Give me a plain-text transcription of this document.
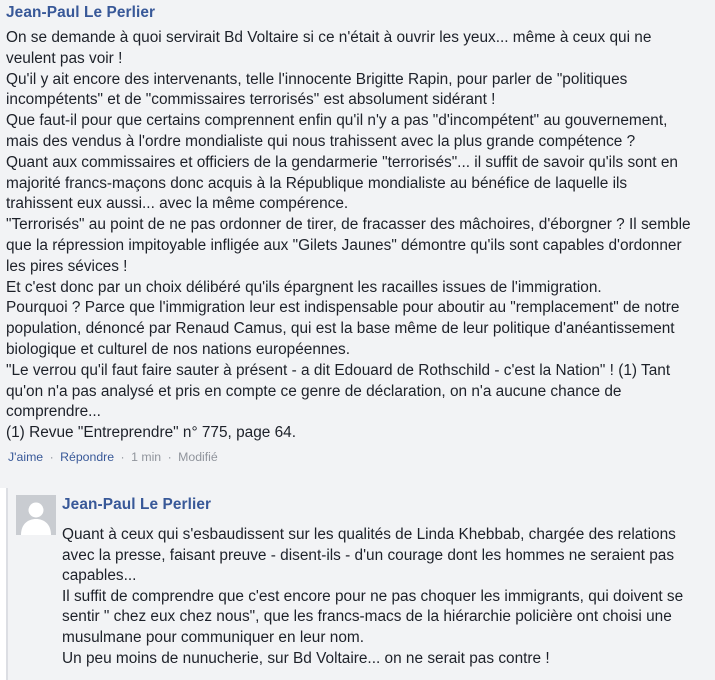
Jean-Paul Le Perlier
On se demande à quoi servirait Bd Voltaire si ce n'était à ouvrir les yeux... même à ceux qui ne
veulent pas voir !
Qu'il y ait encore des intervenants, telle l'innocente Brigitte Rapin, pour parler de "politiques
incompétents" et de "commissaires terrorisés" est absolument sidérant !
Que faut-il pour que certains comprennent enfin qu'il n'y a pas "d'incompétent" au gouvernement,
mais des vendus à l'ordre mondialiste qui nous trahissent avec la plus grande compétence ?
Quant aux commissaires et officiers de la gendarmerie "terrorisés"... il suffit de savoir qu'ils sont en
majorité francs-maçons donc acquis à la République mondialiste au bénéfice de laquelle ils
trahissent eux aussi... avec la même compérence.
"Terrorisés" au point de ne pas ordonner de tirer, de fracasser des mâchoires, d'éborgner ? Il semble
que la répression impitoyable infligée aux "Gilets Jaunes" démontre qu'ils sont capables d'ordonner
les pires sévices !
Et c'est donc par un choix délibéré qu'ils épargnent les racailles issues de l'immigration.
Pourquoi ? Parce que l'immigration leur est indispensable pour aboutir au "remplacement" de notre
population, dénoncé par Renaud Camus, qui est la base même de leur politique d'anéantissement
biologique et culturel de nos nations européennes.
"Le verrou qu'il faut faire sauter à présent - a dit Edouard de Rothschild - c'est la Nation" ! (1) Tant
qu'on n'a pas analysé et pris en compte ce genre de déclaration, on n'a aucune chance de
comprendre...
(1) Revue "Entreprendre" n° 775, page 64.
J'aime · Répondre · 1 min · Modifié
Jean-Paul Le Perlier
Quant à ceux qui s'esbaudissent sur les qualités de Linda Khebbab, chargée des relations
avec la presse, faisant preuve - disent-ils - d'un courage dont les hommes ne seraient pas
capables...
Il suffit de comprendre que c'est encore pour ne pas choquer les immigrants, qui doivent se
sentir " chez eux chez nous", que les francs-macs de la hiérarchie policière ont choisi une
musulmane pour communiquer en leur nom.
Un peu moins de nunucherie, sur Bd Voltaire... on ne serait pas contre !
